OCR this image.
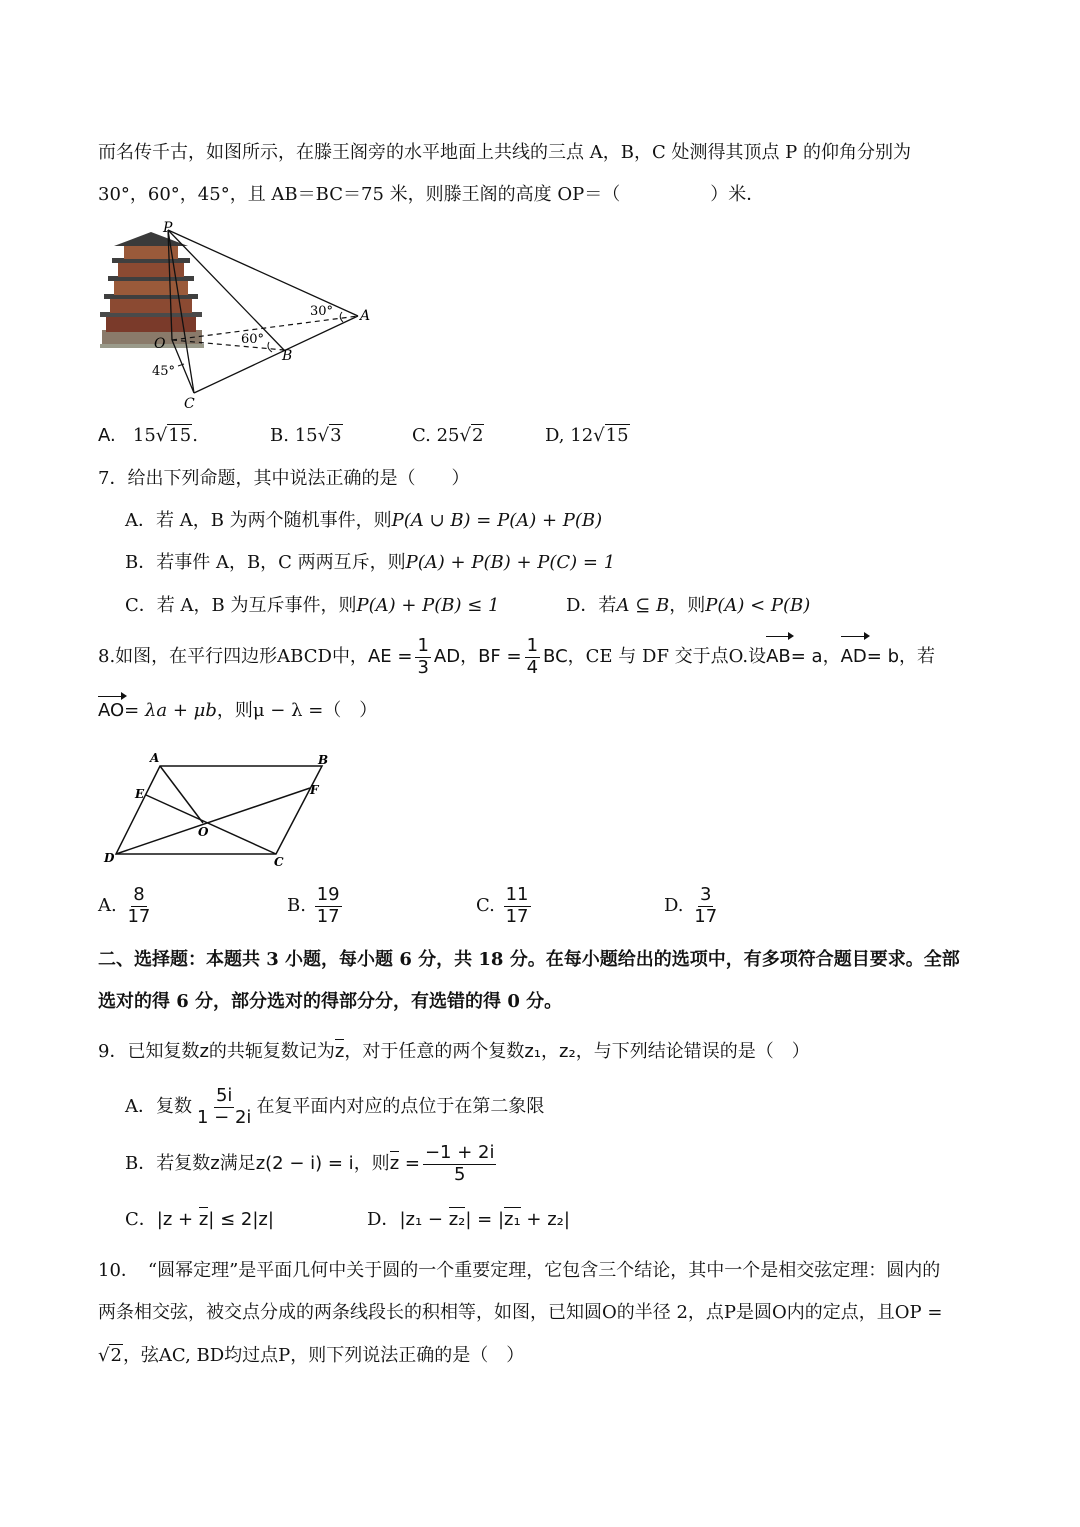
而名传千古，如图所示，在滕王阁旁的水平地面上共线的三点 A，B，C 处测得其顶点 P 的仰角分别为
30°，60°，45°，且 AB＝BC＝75 米，则滕王阁的高度 OP＝（　　　　　）米．
P
A
B
C
O
30°
60°
45°
A. 15√15.	B. 15√3	C. 25√2	D, 12√15
7．给出下列命题，其中说法正确的是（　　）
A．若 A，B 为两个随机事件，则P(A ∪ B) = P(A) + P(B)
B．若事件 A，B，C 两两互斥，则P(A) + P(B) + P(C) = 1
C．若 A，B 为互斥事件，则P(A) + P(B) ≤ 1	D．若A ⊆ B，则P(A) < P(B)
8.如图，在平行四边形ABCD中，AE = $\frac{1}{3}$ AD，BF = $\frac{1}{4}$ BC，CE 与 DF 交于点O.设AB= a，AD= b，若
AO= λa + μb，则μ − λ =（　）
A	B
C
D
E	F
O
A. $\frac{8}{17}$	B. $\frac{19}{17}$	C. $\frac{11}{17}$	D. $\frac{3}{17}$
二、选择题：本题共 3 小题，每小题 6 分，共 18 分。在每小题给出的选项中，有多项符合题目要求。全部
选对的得 6 分，部分选对的得部分分，有选错的得 0 分。
9．已知复数z的共轭复数记为z，对于任意的两个复数z₁，z₂，与下列结论错误的是（　）
A．复数 $\frac{5i}{1 - 2i}$ 在复平面内对应的点位于在第二象限
B．若复数z满足z(2 − i) = i，则$z = \frac{-1 + 2i}{5}$
C．|z + z| ≤ 2|z|	D．|z₁ − z₂| = |z₁ + z₂|
10．　“圆幂定理”是平面几何中关于圆的一个重要定理，它包含三个结论，其中一个是相交弦定理：圆内的
两条相交弦，被交点分成的两条线段长的积相等，如图，已知圆O的半径 2，点P是圆O内的定点，且OP =
√2，弦AC, BD均过点P，则下列说法正确的是（　）
